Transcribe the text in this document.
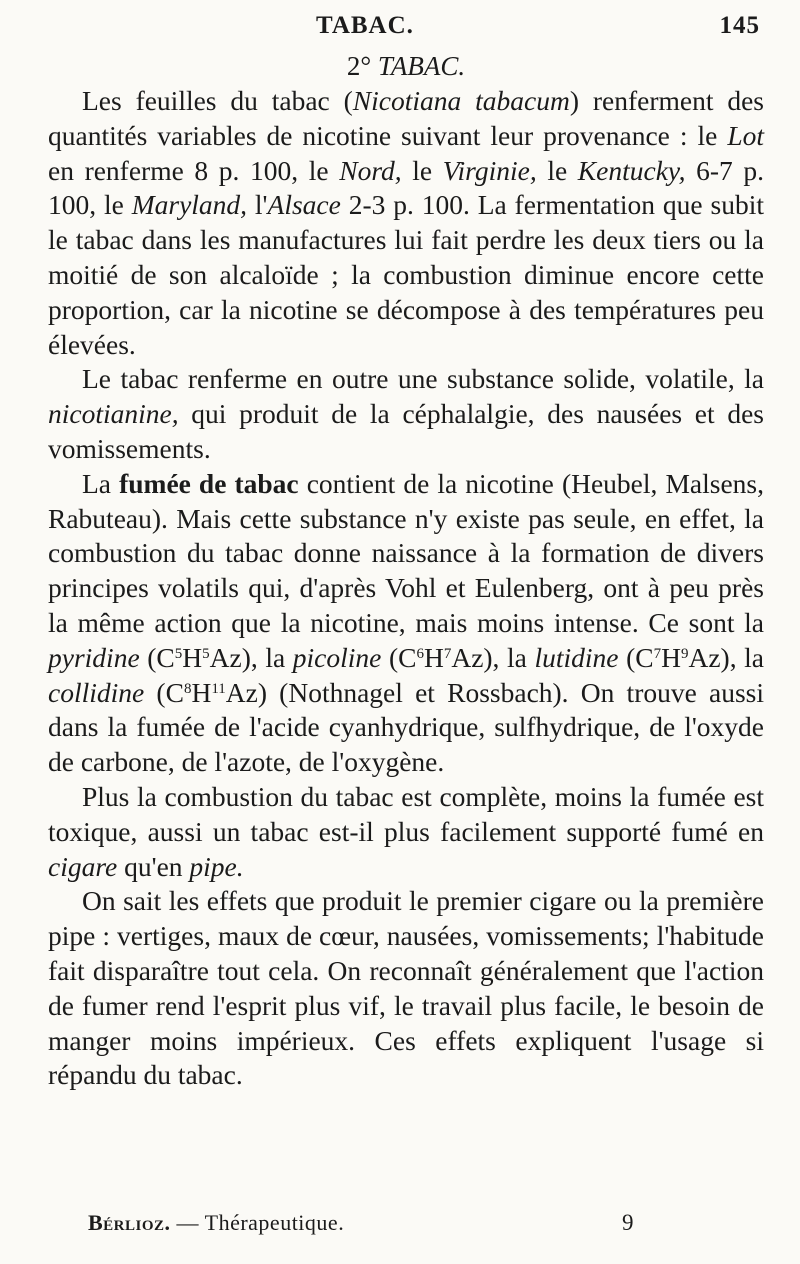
TABAC.	145
2° TABAC.

Les feuilles du tabac (Nicotiana tabacum) renferment des quantités variables de nicotine suivant leur provenance : le Lot en renferme 8 p. 100, le Nord, le Virginie, le Kentucky, 6-7 p. 100, le Maryland, l'Alsace 2-3 p. 100. La fermentation que subit le tabac dans les manufactures lui fait perdre les deux tiers ou la moitié de son alcaloïde ; la combustion diminue encore cette proportion, car la nicotine se décompose à des températures peu élevées.

Le tabac renferme en outre une substance solide, volatile, la nicotianine, qui produit de la céphalalgie, des nausées et des vomissements.

La fumée de tabac contient de la nicotine (Heubel, Malsens, Rabuteau). Mais cette substance n'y existe pas seule, en effet, la combustion du tabac donne naissance à la formation de divers principes volatils qui, d'après Vohl et Eulenberg, ont à peu près la même action que la nicotine, mais moins intense. Ce sont la pyridine $(C^5H^5Az)$, la picoline $(C^6H^7Az)$, la lutidine $(C^7H^9Az)$, la collidine $(C^8H^{11}Az)$ (Nothnagel et Rossbach). On trouve aussi dans la fumée de l'acide cyanhydrique, sulfhydrique, de l'oxyde de carbone, de l'azote, de l'oxygène.

Plus la combustion du tabac est complète, moins la fumée est toxique, aussi un tabac est-il plus facilement supporté fumé en cigare qu'en pipe.

On sait les effets que produit le premier cigare ou la première pipe : vertiges, maux de cœur, nausées, vomissements; l'habitude fait disparaître tout cela. On reconnaît généralement que l'action de fumer rend l'esprit plus vif, le travail plus facile, le besoin de manger moins impérieux. Ces effets expliquent l'usage si répandu du tabac.

Bérlioz. — Thérapeutique.	9
